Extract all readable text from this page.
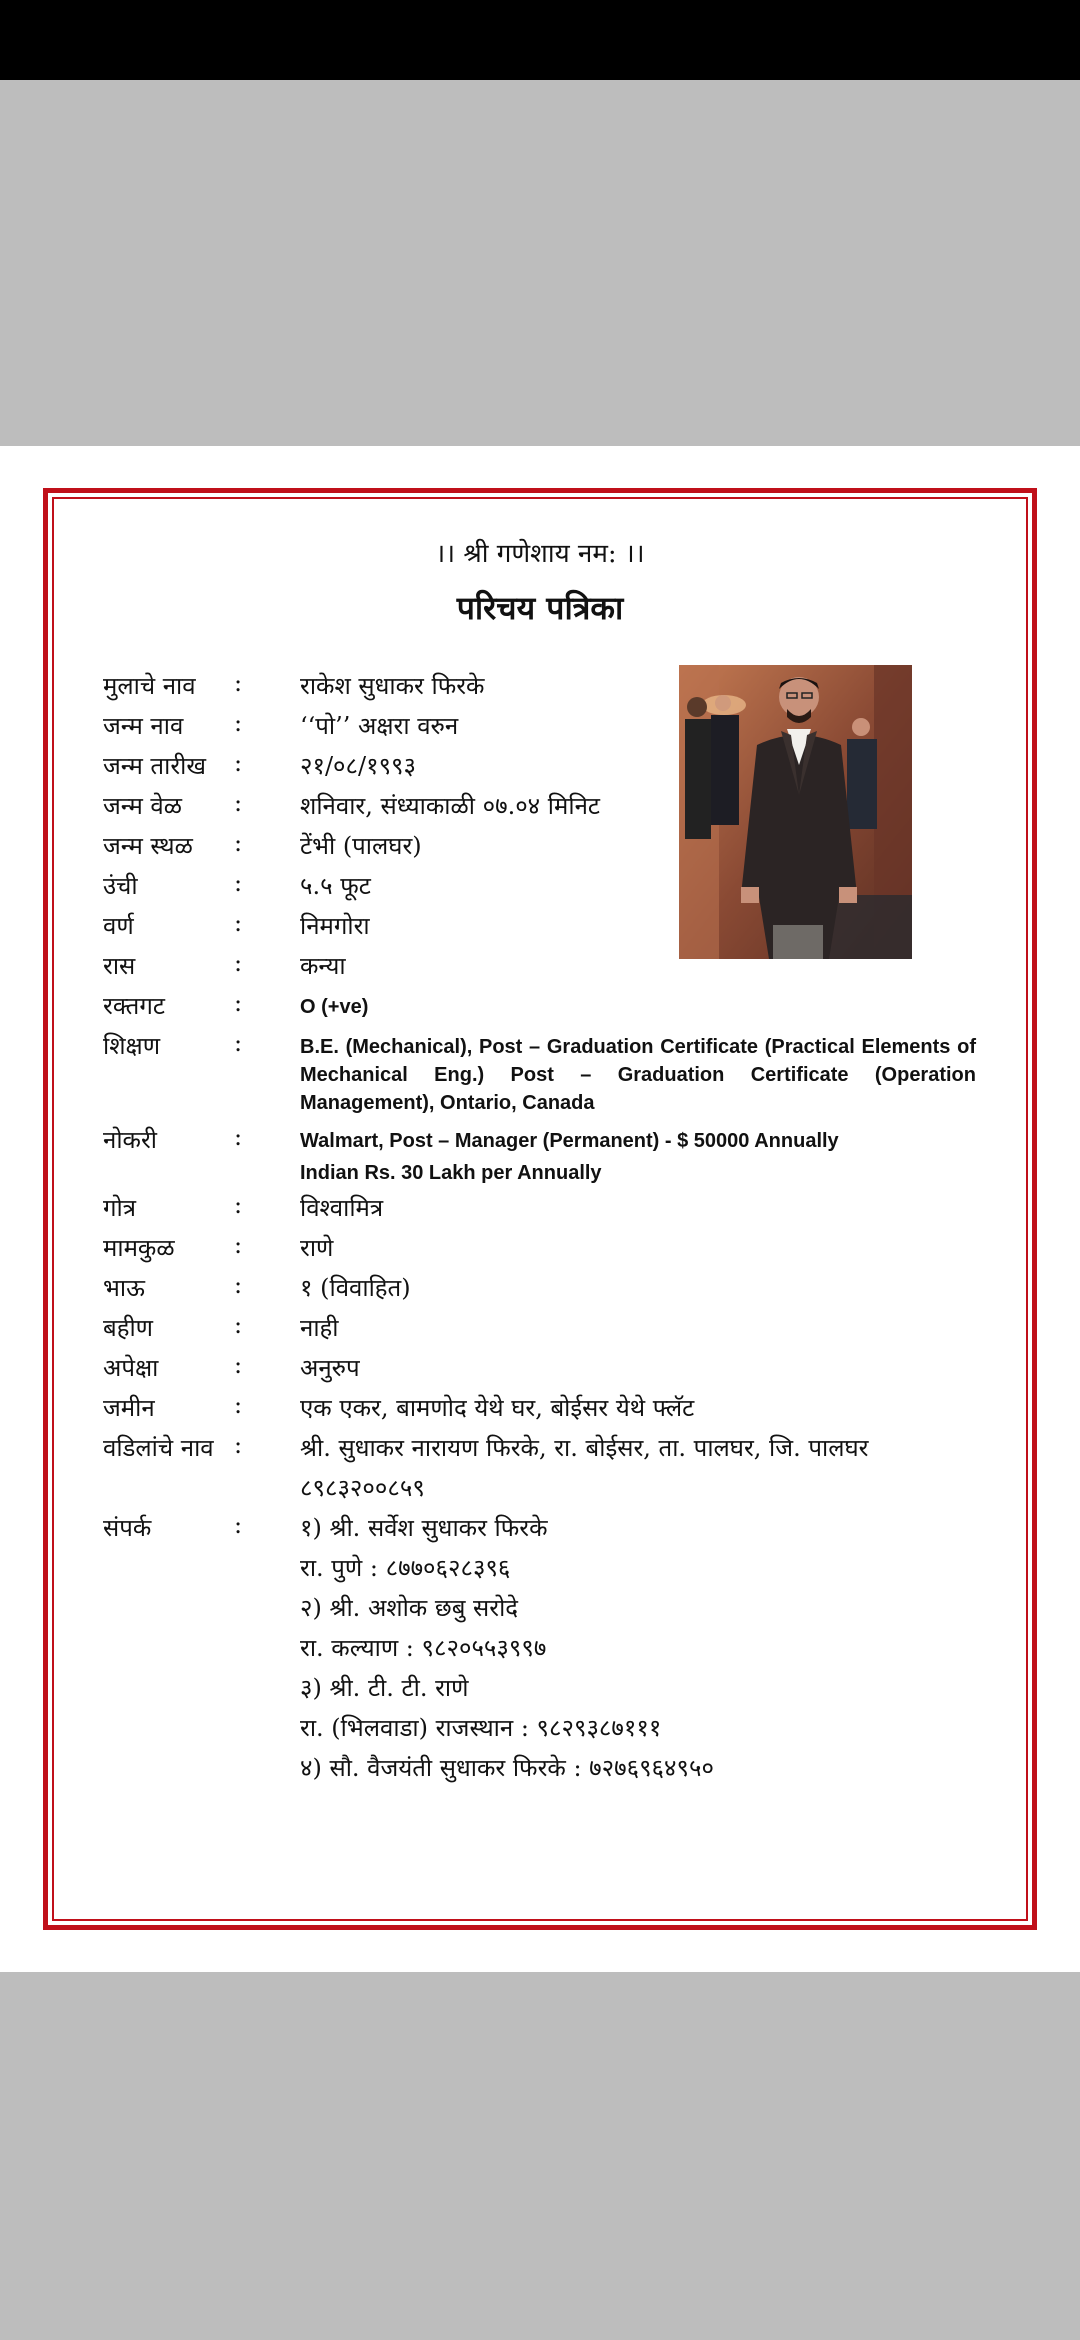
।। श्री गणेशाय नम: ।।
परिचय पत्रिका
मुलाचे नाव : राकेश सुधाकर फिरके
जन्म नाव : ‘‘पो’’ अक्षरा वरुन
जन्म तारीख : २१/०८/१९९३
जन्म वेळ : शनिवार, संध्याकाळी ०७.०४ मिनिट
जन्म स्थळ : टेंभी (पालघर)
उंची	: ५.५ फूट
वर्ण	: निमगोरा
रास	: कन्या
रक्तगट	:	O (+ve)
शिक्षण	:	B.E. (Mechanical), Post – Graduation Certificate (Practical Elements of Mechanical Eng.) Post – Graduation Certificate (Operation Management), Ontario, Canada
नोकरी	:	Walmart, Post – Manager (Permanent) - $ 50000 Annually
Indian Rs. 30 Lakh per Annually
गोत्र	: विश्वामित्र
मामकुळ : राणे
भाऊ	: १ (विवाहित)
बहीण	: नाही
अपेक्षा	: अनुरुप
जमीन	: एक एकर, बामणोद येथे घर, बोईसर येथे फ्लॅट
वडिलांचे नाव : श्री. सुधाकर नारायण फिरके, रा. बोईसर, ता. पालघर, जि. पालघर
८९८३२००८५९
संपर्क	: १) श्री. सर्वेश सुधाकर फिरके
रा. पुणे : ८७७०६२८३९६
२) श्री. अशोक छबु सरोदे
रा. कल्याण : ९८२०५५३९९७
३) श्री. टी. टी. राणे
रा. (भिलवाडा) राजस्थान : ९८२९३८७१११
४) सौ. वैजयंती सुधाकर फिरके : ७२७६९६४९५०
